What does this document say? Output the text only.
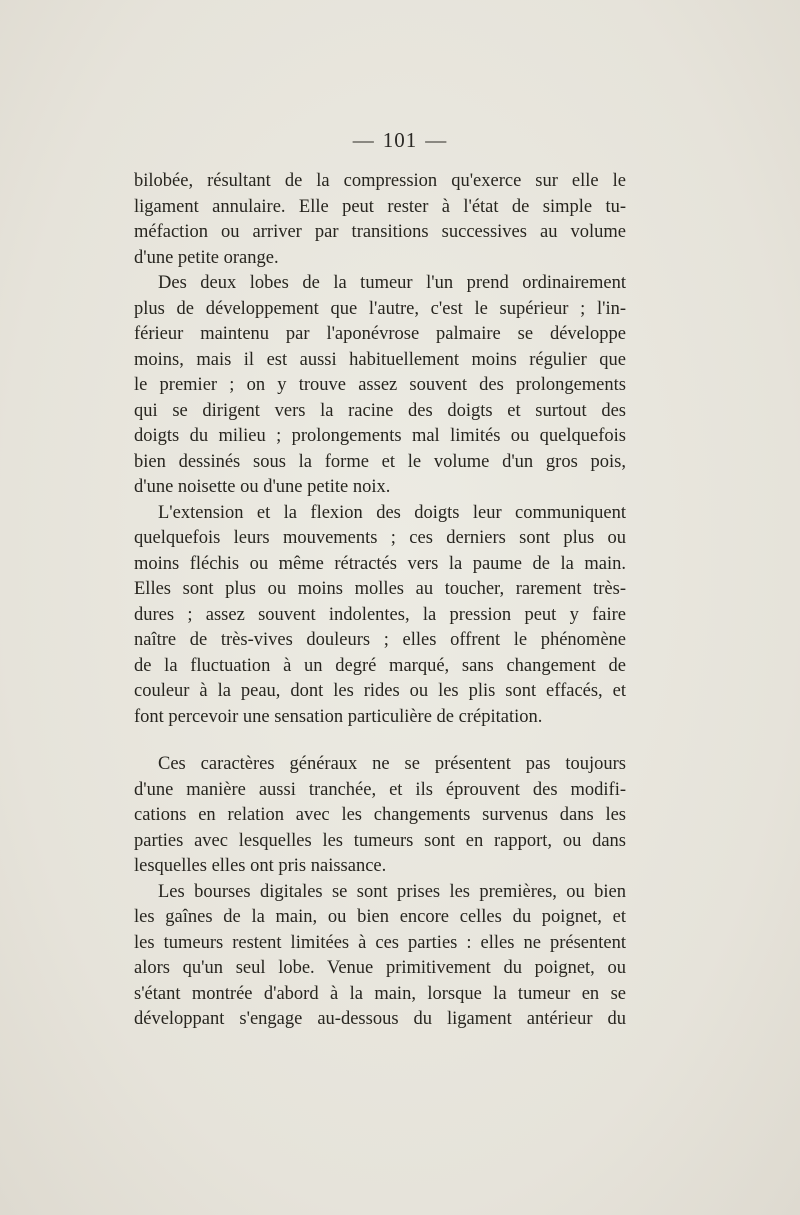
— 101 —
bilobée, résultant de la compression qu'exerce sur elle le
ligament annulaire. Elle peut rester à l'état de simple tu-
méfaction ou arriver par transitions successives au volume
d'une petite orange.
Des deux lobes de la tumeur l'un prend ordinairement
plus de développement que l'autre, c'est le supérieur ; l'in-
férieur maintenu par l'aponévrose palmaire se développe
moins, mais il est aussi habituellement moins régulier que
le premier ; on y trouve assez souvent des prolongements
qui se dirigent vers la racine des doigts et surtout des
doigts du milieu ; prolongements mal limités ou quelquefois
bien dessinés sous la forme et le volume d'un gros pois,
d'une noisette ou d'une petite noix.
L'extension et la flexion des doigts leur communiquent
quelquefois leurs mouvements ; ces derniers sont plus ou
moins fléchis ou même rétractés vers la paume de la main.
Elles sont plus ou moins molles au toucher, rarement très-
dures ; assez souvent indolentes, la pression peut y faire
naître de très-vives douleurs ; elles offrent le phénomène
de la fluctuation à un degré marqué, sans changement de
couleur à la peau, dont les rides ou les plis sont effacés, et
font percevoir une sensation particulière de crépitation.
Ces caractères généraux ne se présentent pas toujours
d'une manière aussi tranchée, et ils éprouvent des modifi-
cations en relation avec les changements survenus dans les
parties avec lesquelles les tumeurs sont en rapport, ou dans
lesquelles elles ont pris naissance.
Les bourses digitales se sont prises les premières, ou bien
les gaînes de la main, ou bien encore celles du poignet, et
les tumeurs restent limitées à ces parties : elles ne présentent
alors qu'un seul lobe. Venue primitivement du poignet, ou
s'étant montrée d'abord à la main, lorsque la tumeur en se
développant s'engage au-dessous du ligament antérieur du
